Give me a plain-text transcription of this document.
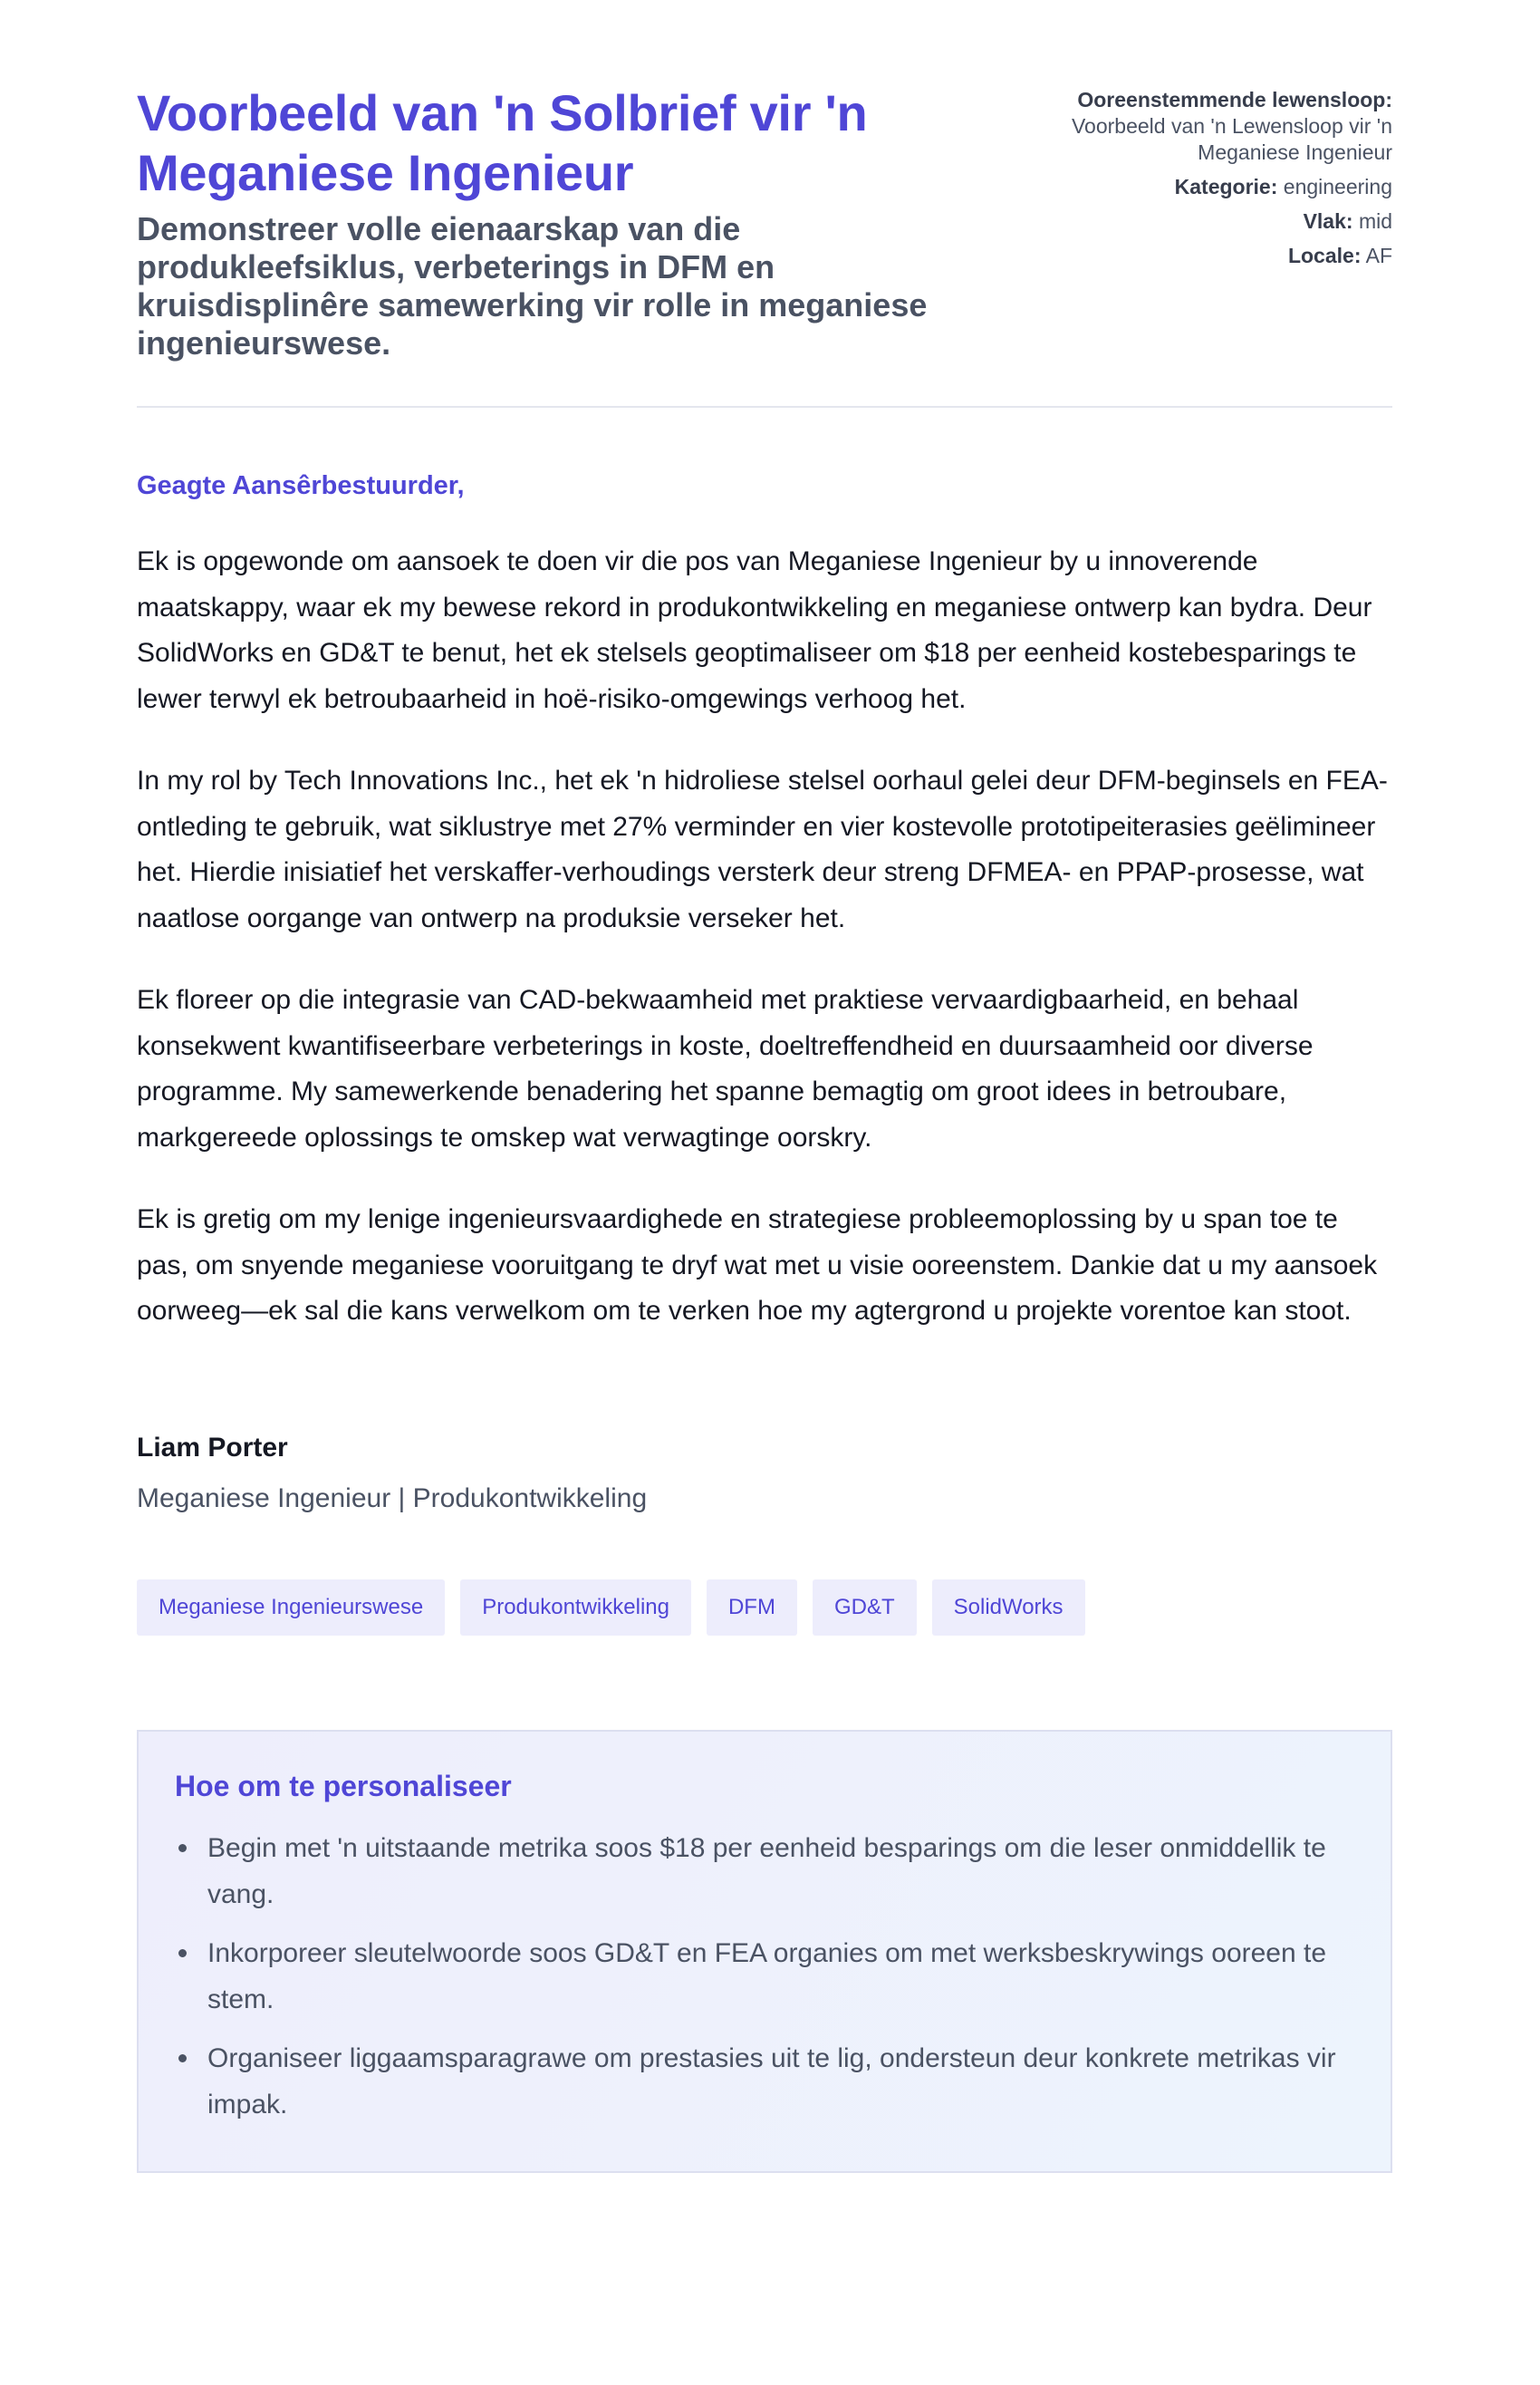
Voorbeeld van 'n Solbrief vir 'n Meganiese Ingenieur
Demonstreer volle eienaarskap van die produkleefsiklus, verbeterings in DFM en kruisdisplinêre samewerking vir rolle in meganiese ingenieurswese.
Ooreenstemmende lewensloop:
Voorbeeld van 'n Lewensloop vir 'n Meganiese Ingenieur
Kategorie: engineering
Vlak: mid
Locale: AF

Geagte Aansêrbestuurder,

Ek is opgewonde om aansoek te doen vir die pos van Meganiese Ingenieur by u innoverende maatskappy, waar ek my bewese rekord in produkontwikkeling en meganiese ontwerp kan bydra. Deur SolidWorks en GD&T te benut, het ek stelsels geoptimaliseer om $18 per eenheid kostebesparings te lewer terwyl ek betroubaarheid in hoë-risiko-omgewings verhoog het.

In my rol by Tech Innovations Inc., het ek 'n hidroliese stelsel oorhaul gelei deur DFM-beginsels en FEA-ontleding te gebruik, wat siklustrye met 27% verminder en vier kostevolle prototipeiterasies geëlimineer het. Hierdie inisiatief het verskaffer-verhoudings versterk deur streng DFMEA- en PPAP-prosesse, wat naatlose oorgange van ontwerp na produksie verseker het.

Ek floreer op die integrasie van CAD-bekwaamheid met praktiese vervaardigbaarheid, en behaal konsekwent kwantifiseerbare verbeterings in koste, doeltreffendheid en duursaamheid oor diverse programme. My samewerkende benadering het spanne bemagtig om groot idees in betroubare, markgereede oplossings te omskep wat verwagtinge oorskry.

Ek is gretig om my lenige ingenieursvaardighede en strategiese probleemoplossing by u span toe te pas, om snyende meganiese vooruitgang te dryf wat met u visie ooreenstem. Dankie dat u my aansoek oorweeg—ek sal die kans verwelkom om te verken hoe my agtergrond u projekte vorentoe kan stoot.

Liam Porter

Meganiese Ingenieur | Produkontwikkeling

Meganiese Ingenieurswese	Produkontwikkeling	DFM	GD&T	SolidWorks
Hoe om te personaliseer
Begin met 'n uitstaande metrika soos $18 per eenheid besparings om die leser onmiddellik te vang.
Inkorporeer sleutelwoorde soos GD&T en FEA organies om met werksbeskrywings ooreen te stem.
Organiseer liggaamsparagrawe om prestasies uit te lig, ondersteun deur konkrete metrikas vir impak.
